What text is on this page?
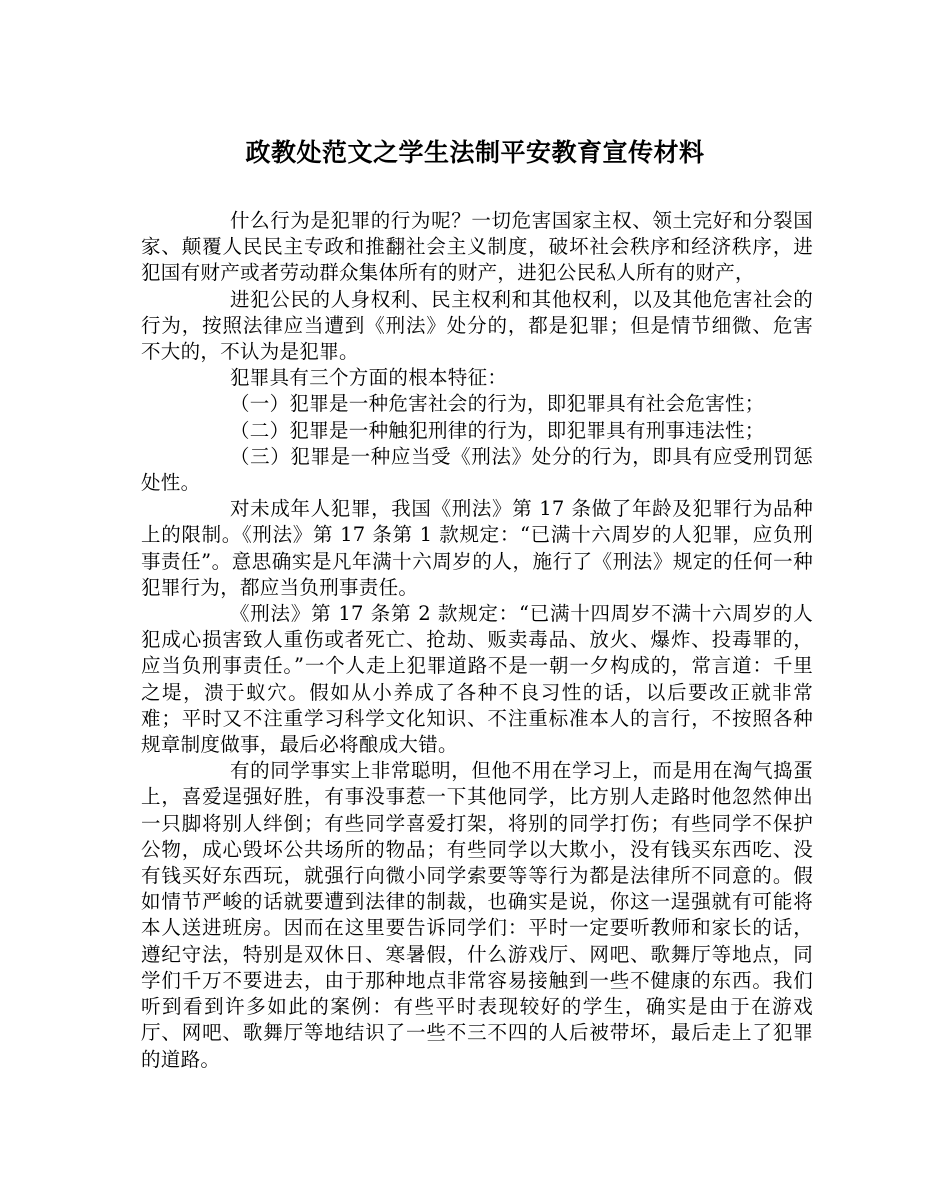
政教处范文之学生法制平安教育宣传材料

什么行为是犯罪的行为呢？一切危害国家主权、领土完好和分裂国家、颠覆人民民主专政和推翻社会主义制度，破坏社会秩序和经济秩序，进犯国有财产或者劳动群众集体所有的财产，进犯公民私人所有的财产，

进犯公民的人身权利、民主权利和其他权利，以及其他危害社会的行为，按照法律应当遭到《刑法》处分的，都是犯罪；但是情节细微、危害不大的，不认为是犯罪。

犯罪具有三个方面的根本特征：

（一）犯罪是一种危害社会的行为，即犯罪具有社会危害性；

（二）犯罪是一种触犯刑律的行为，即犯罪具有刑事违法性；

（三）犯罪是一种应当受《刑法》处分的行为，即具有应受刑罚惩处性。

对未成年人犯罪，我国《刑法》第 17 条做了年龄及犯罪行为品种上的限制。《刑法》第 17 条第 1 款规定：“已满十六周岁的人犯罪，应负刑事责任”。意思确实是凡年满十六周岁的人，施行了《刑法》规定的任何一种犯罪行为，都应当负刑事责任。

《刑法》第 17 条第 2 款规定：“已满十四周岁不满十六周岁的人犯成心损害致人重伤或者死亡、抢劫、贩卖毒品、放火、爆炸、投毒罪的，应当负刑事责任。”一个人走上犯罪道路不是一朝一夕构成的，常言道：千里之堤，溃于蚁穴。假如从小养成了各种不良习性的话，以后要改正就非常难；平时又不注重学习科学文化知识、不注重标准本人的言行，不按照各种规章制度做事，最后必将酿成大错。

有的同学事实上非常聪明，但他不用在学习上，而是用在淘气捣蛋上，喜爱逞强好胜，有事没事惹一下其他同学，比方别人走路时他忽然伸出一只脚将别人绊倒；有些同学喜爱打架，将别的同学打伤；有些同学不保护公物，成心毁坏公共场所的物品；有些同学以大欺小，没有钱买东西吃、没有钱买好东西玩，就强行向微小同学索要等等行为都是法律所不同意的。假如情节严峻的话就要遭到法律的制裁，也确实是说，你这一逞强就有可能将本人送进班房。因而在这里要告诉同学们：平时一定要听教师和家长的话，遵纪守法，特别是双休日、寒暑假，什么游戏厅、网吧、歌舞厅等地点，同学们千万不要进去，由于那种地点非常容易接触到一些不健康的东西。我们听到看到许多如此的案例：有些平时表现较好的学生，确实是由于在游戏厅、网吧、歌舞厅等地结识了一些不三不四的人后被带坏，最后走上了犯罪的道路。
